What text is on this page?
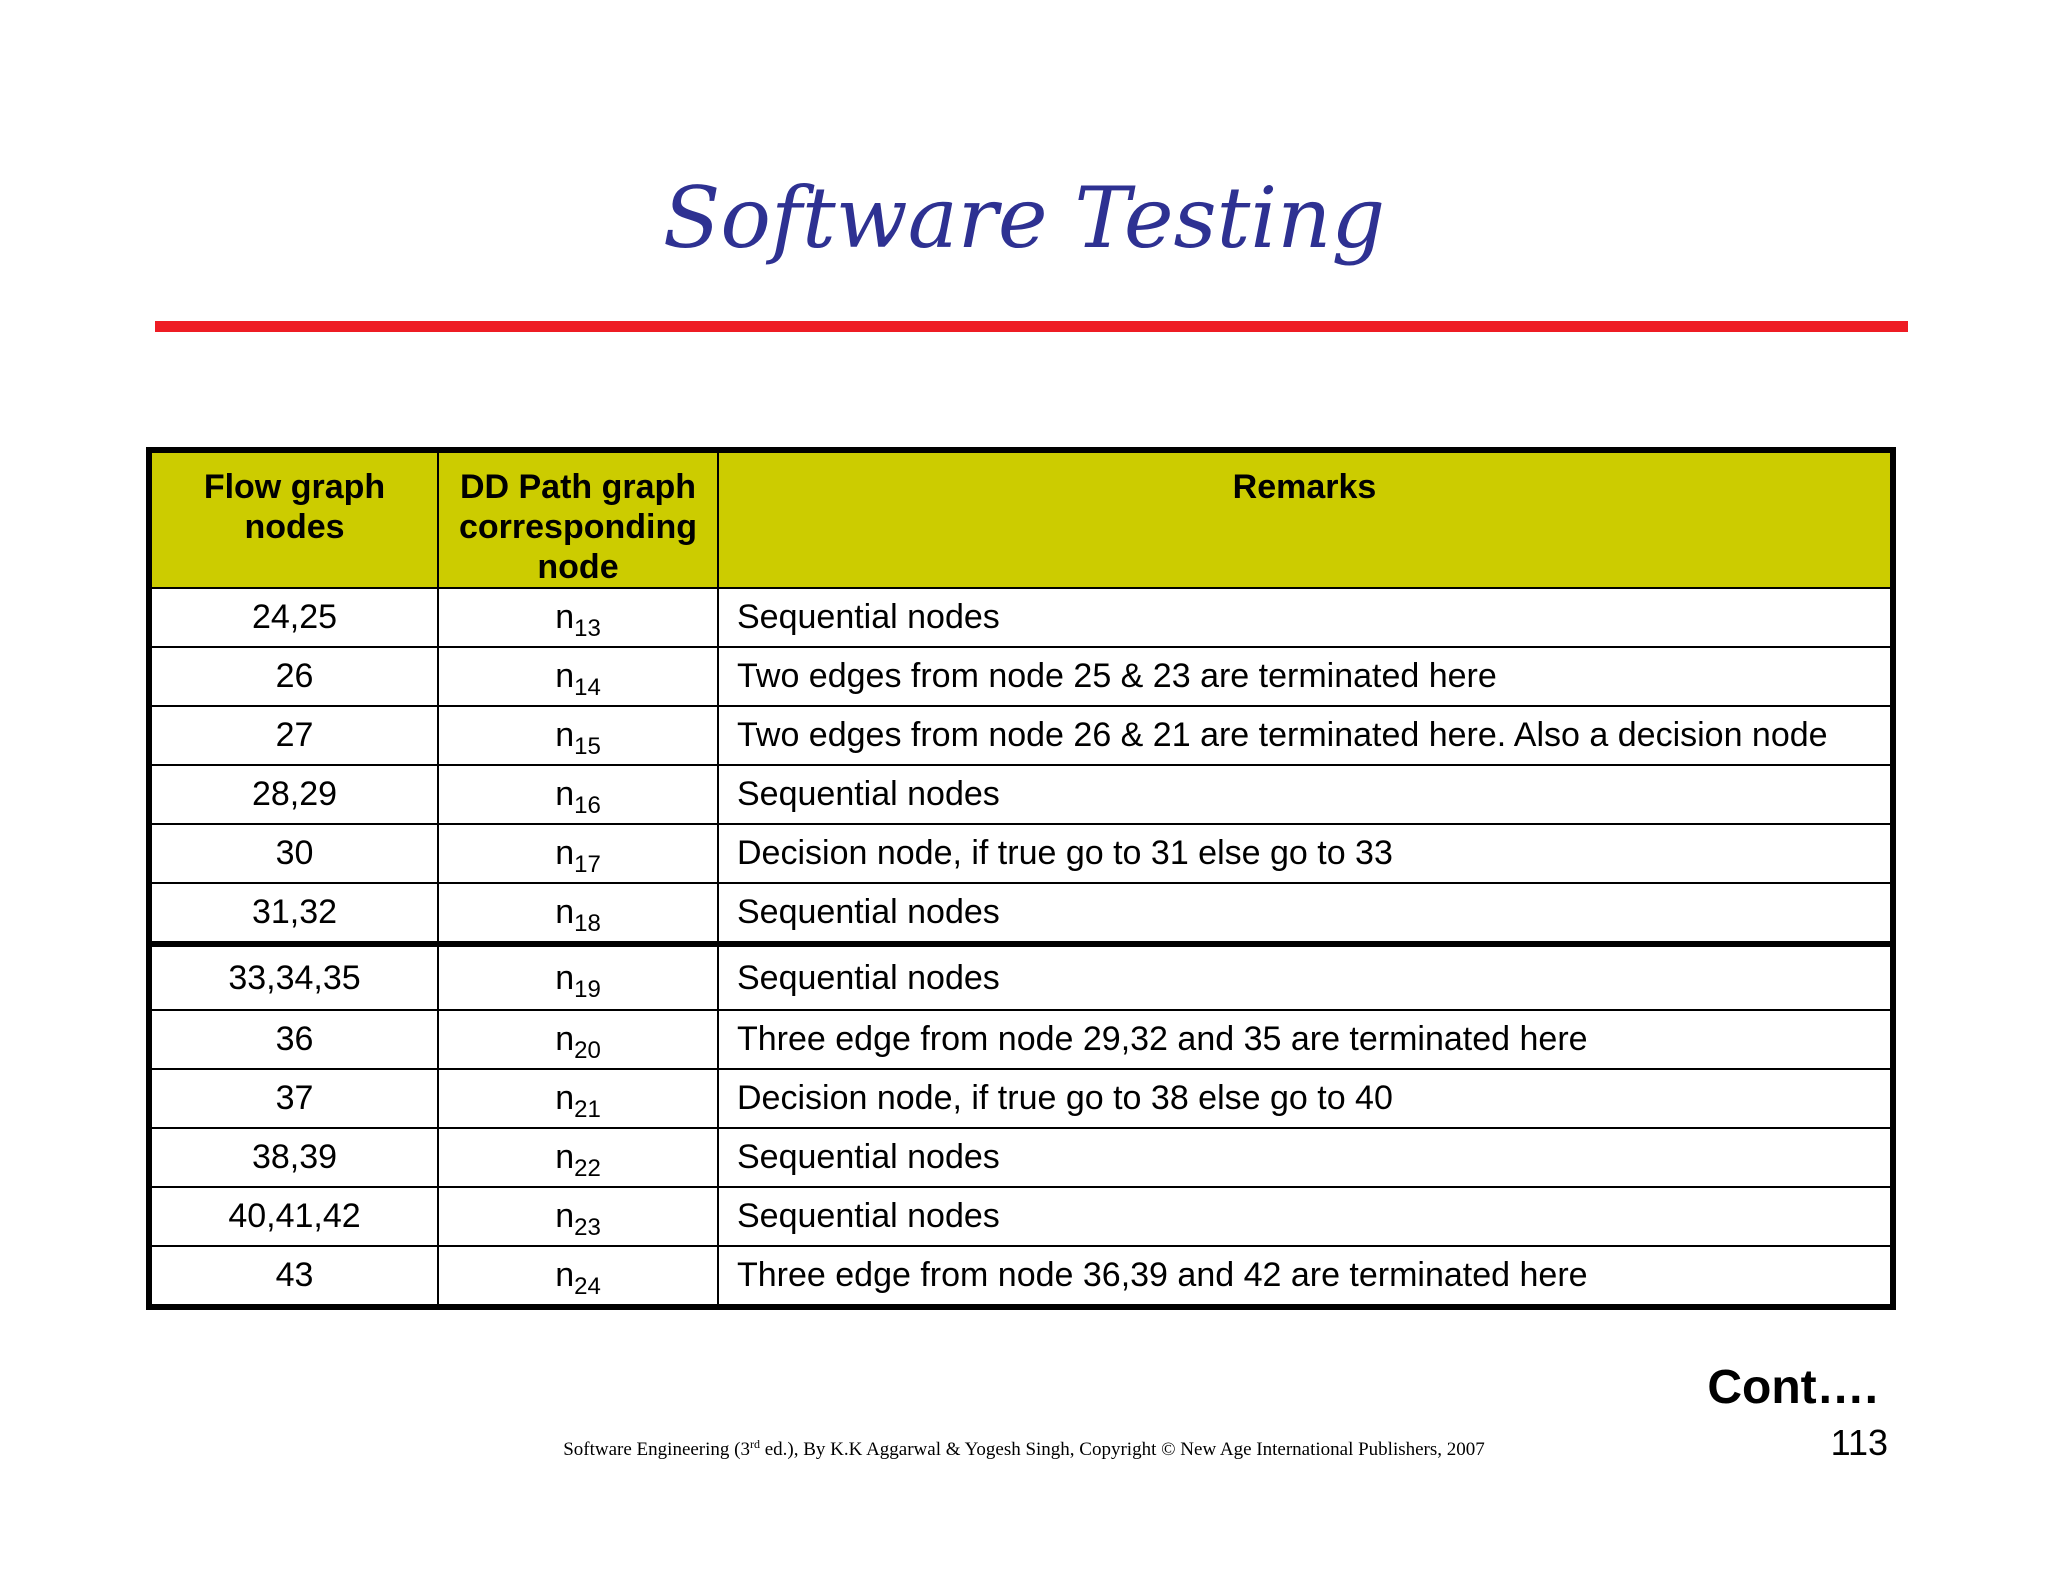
Software Testing
Flow graph nodes	DD Path graph corresponding node	Remarks
24,25	$n_{13}$	Sequential nodes
26	$n_{14}$	Two edges from node 25 & 23 are terminated here
27	$n_{15}$	Two edges from node 26 & 21 are terminated here. Also a decision node
28,29	$n_{16}$	Sequential nodes
30	$n_{17}$	Decision node, if true go to 31 else go to 33
31,32	$n_{18}$	Sequential nodes
33,34,35	$n_{19}$	Sequential nodes
36	$n_{20}$	Three edge from node 29,32 and 35 are terminated here
37	$n_{21}$	Decision node, if true go to 38 else go to 40
38,39	$n_{22}$	Sequential nodes
40,41,42	$n_{23}$	Sequential nodes
43	$n_{24}$	Three edge from node 36,39 and 42 are terminated here
Cont….
113
Software Engineering (3rd ed.), By K.K Aggarwal & Yogesh Singh, Copyright © New Age International Publishers, 2007
